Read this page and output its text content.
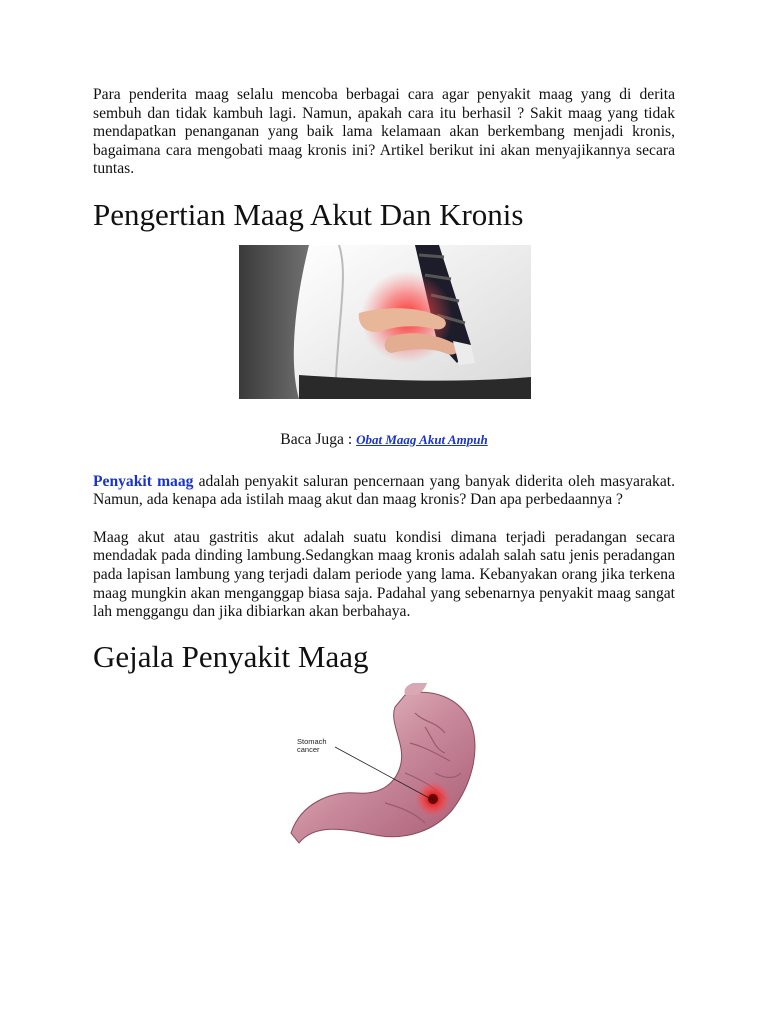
Para penderita maag selalu mencoba berbagai cara agar penyakit maag yang di derita sembuh dan tidak kambuh lagi. Namun, apakah cara itu berhasil ? Sakit maag yang tidak mendapatkan penanganan yang baik lama kelamaan akan berkembang menjadi kronis, bagaimana cara mengobati maag kronis ini? Artikel berikut ini akan menyajikannya secara tuntas.

Pengertian Maag Akut Dan Kronis
Baca Juga : Obat Maag Akut Ampuh

Penyakit maag adalah penyakit saluran pencernaan yang banyak diderita oleh masyarakat. Namun, ada kenapa ada istilah maag akut dan maag kronis? Dan apa perbedaannya ?

Maag akut atau gastritis akut adalah suatu kondisi dimana terjadi peradangan secara mendadak pada dinding lambung.Sedangkan maag kronis adalah salah satu jenis peradangan pada lapisan lambung yang terjadi dalam periode yang lama. Kebanyakan orang jika terkena maag mungkin akan menganggap biasa saja. Padahal yang sebenarnya penyakit maag sangat lah menggangu dan jika dibiarkan akan berbahaya.

Gejala Penyakit Maag
Stomach
cancer
